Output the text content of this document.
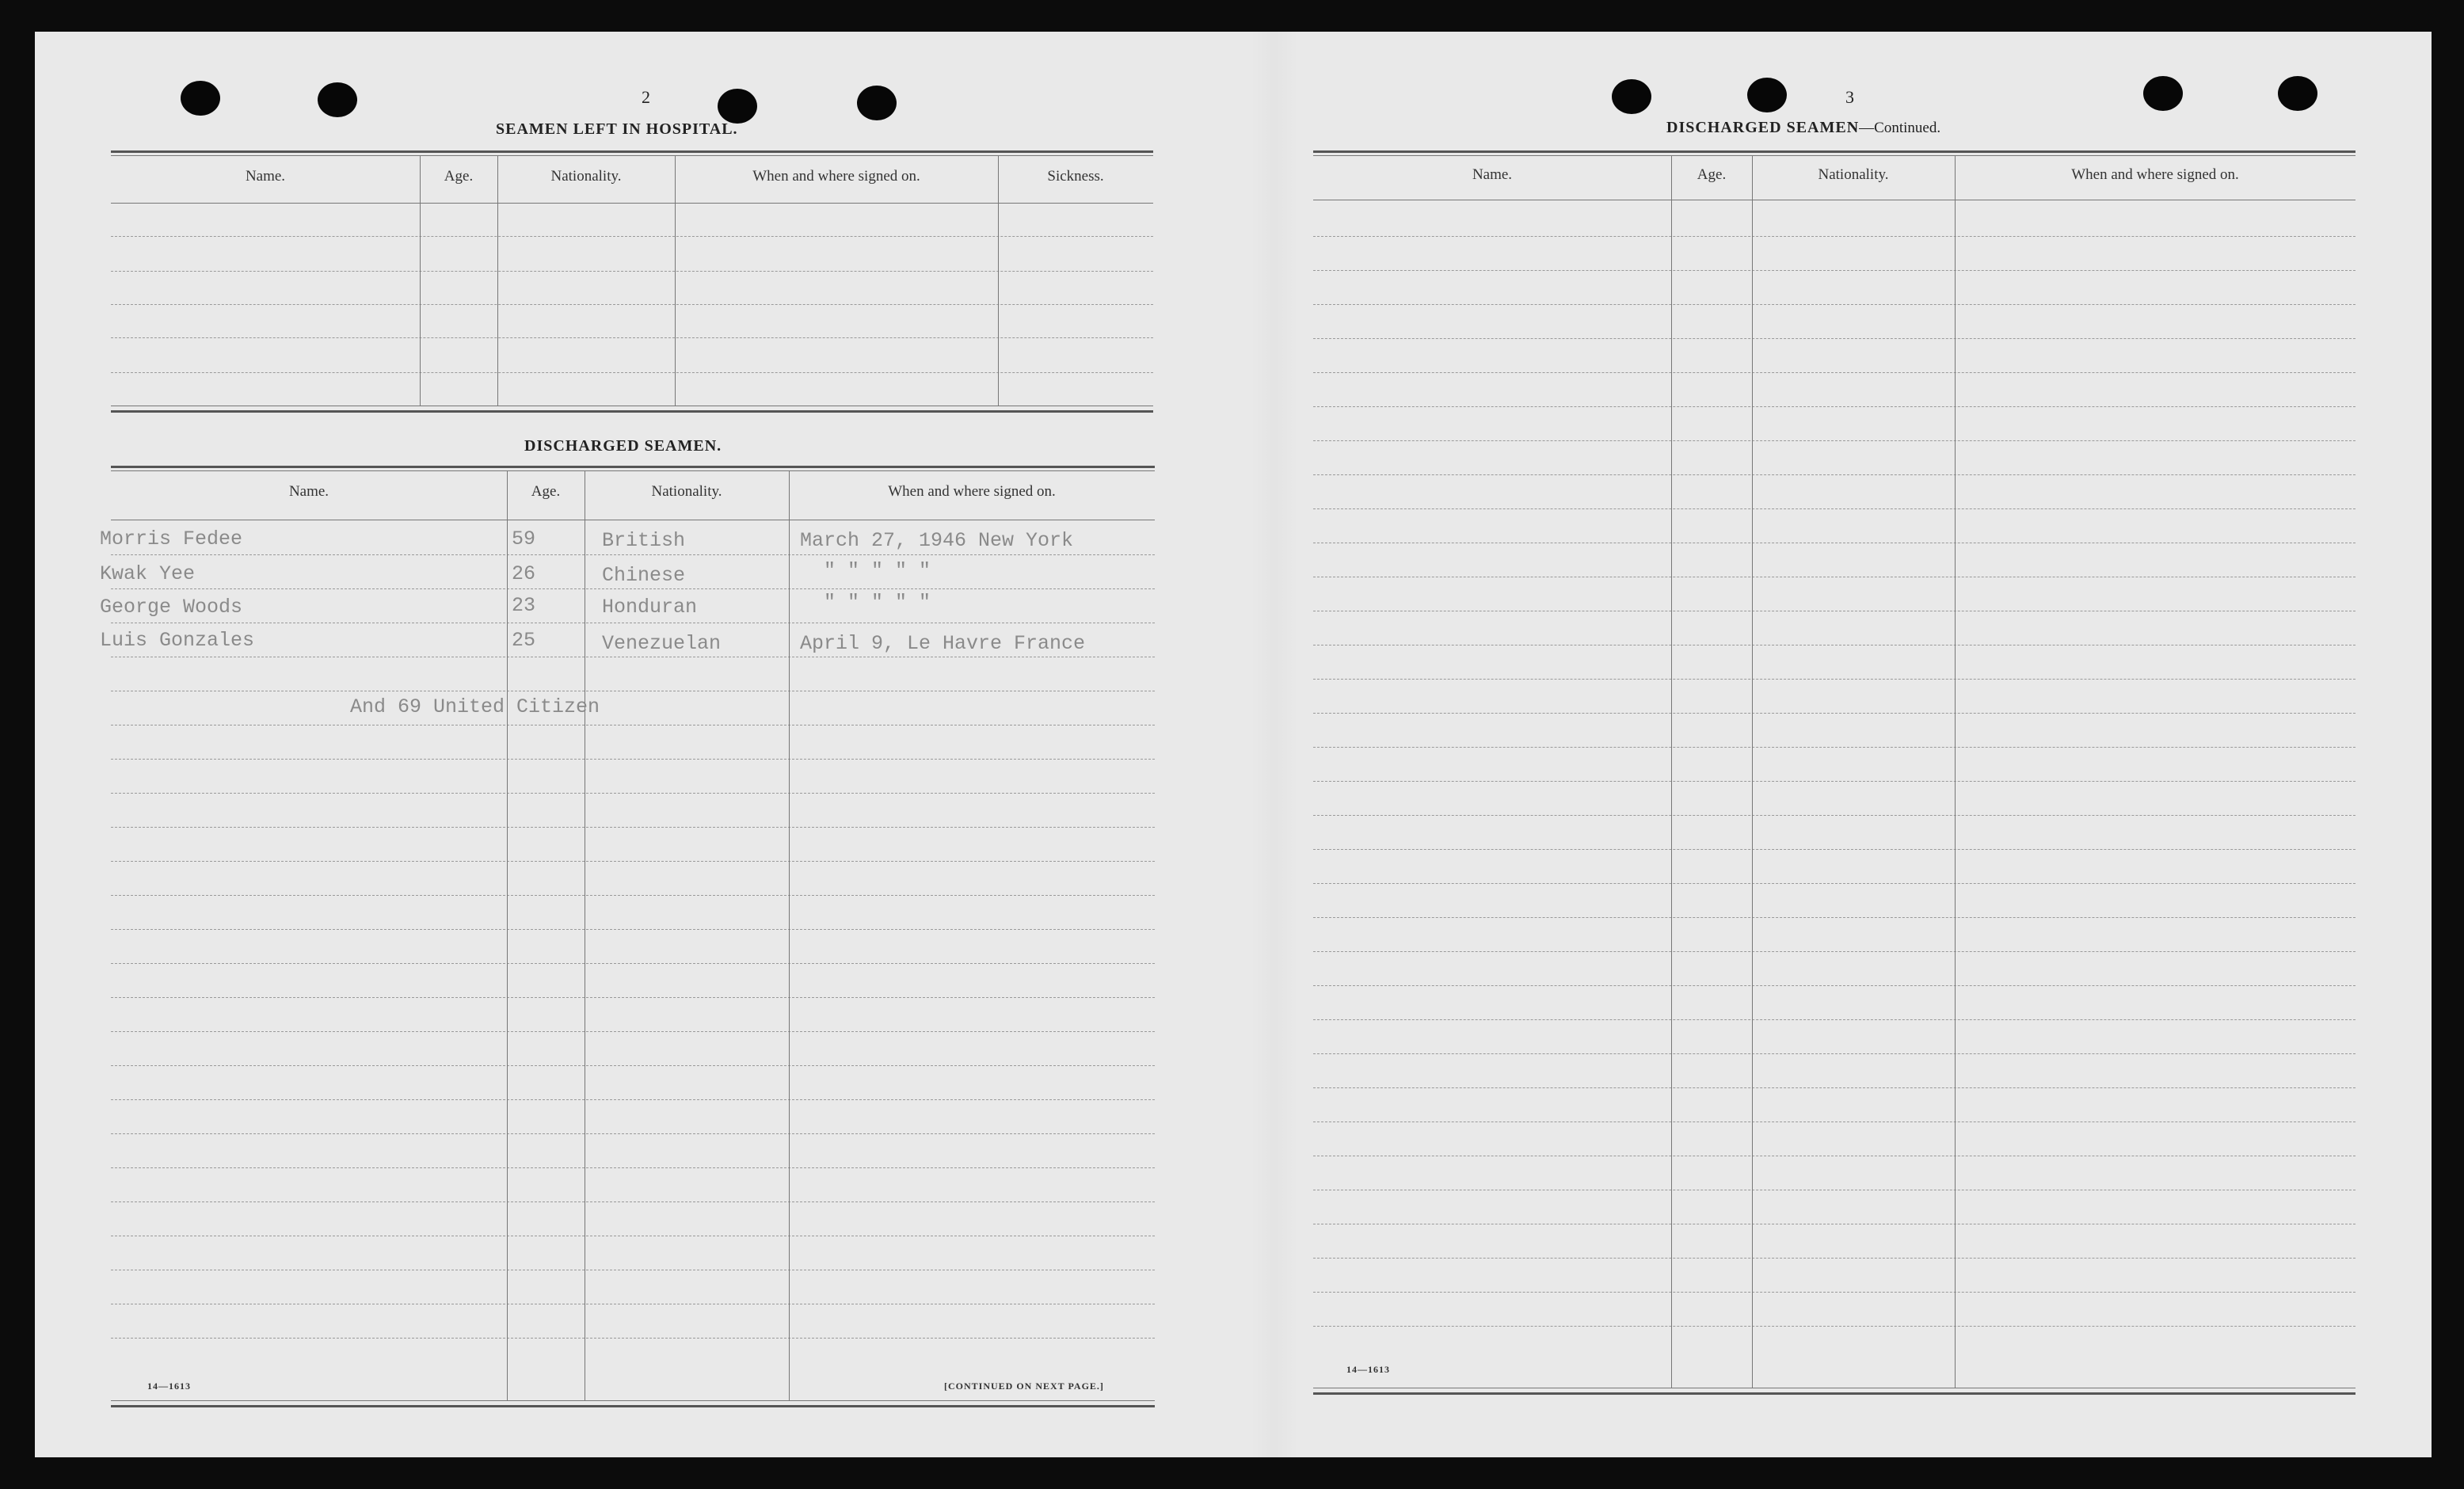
2
SEAMEN LEFT IN HOSPITAL.
Name.	Age.	Nationality.	When and where signed on.	Sickness.
DISCHARGED SEAMEN.
Name.	Age.	Nationality.	When and where signed on.
Morris Fedee	59	British	March 27, 1946 New York
Kwak Yee	26	Chinese	" " " " "
George Woods	23	Honduran	" " " " "
Luis Gonzales	25	Venezuelan	April 9, Le Havre France
And 69 United Citizen
14—1613	[CONTINUED ON NEXT PAGE.]
3
DISCHARGED SEAMEN—Continued.
Name.	Age.	Nationality.	When and where signed on.
14—1613
